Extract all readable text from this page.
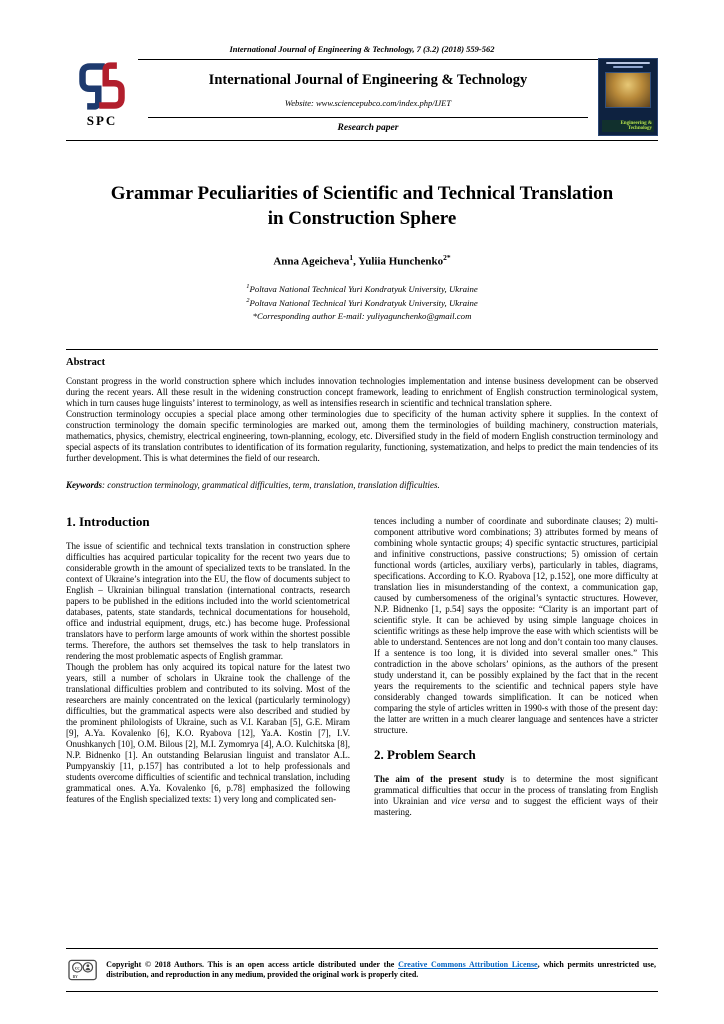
International Journal of Engineering & Technology, 7 (3.2) (2018) 559-562
SPC
International Journal of Engineering & Technology
Website: www.sciencepubco.com/index.php/IJET
Research paper	Engineering & Technology
Grammar Peculiarities of Scientific and Technical Translation
in Construction Sphere
Anna Ageicheva$^1$, Yuliia Hunchenko$^{2*}$
$^1$Poltava National Technical Yuri Kondratyuk University, Ukraine
$^2$Poltava National Technical Yuri Kondratyuk University, Ukraine
*Corresponding author E-mail: yuliyagunchenko@gmail.com
Abstract

Constant progress in the world construction sphere which includes innovation technologies implementation and intense business development can be observed during the recent years. All these result in the widening construction concept framework, leading to enrichment of English construction terminological system, which in turn causes huge linguists’ interest to terminology, as well as intensifies research in scientific and technical translation sphere.

Construction terminology occupies a special place among other terminologies due to specificity of the human activity sphere it supplies. In the context of construction terminology the domain specific terminologies are marked out, among them the terminologies of building machinery, construction materials, mathematics, physics, chemistry, electrical engineering, town-planning, ecology, etc. Diversified study in the field of modern English construction terminology and special aspects of its translation contributes to identification of its formation regularity, functioning, systematization, and helps to predict the main tendencies of its further development. This is what determines the field of our research.

Keywords: construction terminology, grammatical difficulties, term, translation, translation difficulties.
1. Introduction

The issue of scientific and technical texts translation in construction sphere difficulties has acquired particular topicality for the recent two years due to considerable growth in the amount of specialized texts to be translated. In the context of Ukraine’s integration into the EU, the flow of documents subject to English – Ukrainian bilingual translation (international contracts, research papers to be published in the editions included into the world scientometrical databases, patents, state standards, technical documentations for household, office and industrial equipment, drugs, etc.) has become huge. Professional translators have to perform large amounts of work within the shortest possible terms. Therefore, the authors set themselves the task to help translators in rendering the most problematic aspects of English grammar.

Though the problem has only acquired its topical nature for the latest two years, still a number of scholars in Ukraine took the challenge of the translational difficulties problem and contributed to its solving. Most of the researchers are mainly concentrated on the lexical (particularly terminology) difficulties, but the grammatical aspects were also described and studied by the prominent philologists of Ukraine, such as V.I. Karaban [5], G.E. Miram [9], A.Ya. Kovalenko [6], K.O. Ryabova [12], Ya.A. Kostin [7], I.V. Onushkanych [10], O.M. Bilous [2], M.I. Zymomrya [4], A.O. Kulchitska [8], N.P. Bidnenko [1]. An outstanding Belarusian linguist and translator A.L. Pumpyanskiy [11, p.157] has contributed a lot to help professionals and students overcome difficulties of scientific and technical translation, including grammatical ones. A.Ya. Kovalenko [6, p.78] emphasized the following features of the English specialized texts: 1) very long and complicated sen-

tences including a number of coordinate and subordinate clauses; 2) multi-component attributive word combinations; 3) attributes formed by means of combining whole syntactic groups; 4) specific syntactic structures, participial and infinitive constructions, passive constructions; 5) omission of certain functional words (articles, auxiliary verbs), particularly in tables, diagrams, specifications. According to K.O. Ryabova [12, p.152], one more difficulty at translation lies in misunderstanding of the context, a communication gap, caused by cumbersomeness of the original’s syntactic structures. However, N.P. Bidnenko [1, p.54] says the opposite: “Clarity is an important part of scientific style. It can be achieved by using simple language choices in scientific writings as these help improve the ease with which scientists will be able to understand. Sentences are not long and don’t contain too many clauses. If a sentence is too long, it is divided into several smaller ones.” This contradiction in the above scholars’ opinions, as the authors of the present study understand it, can be possibly explained by the fact that in the recent years the requirements to the scientific and technical papers style have considerably changed towards simplification. It can be noticed when comparing the style of articles written in 1990-s with those of the present day: the latter are written in a much clearer language and sentences have a stricter structure.

2. Problem Search

The aim of the present study is to determine the most significant grammatical difficulties that occur in the process of translating from English into Ukrainian and vice versa and to suggest the efficient ways of their mastering.

cc
BY
Copyright © 2018 Authors. This is an open access article distributed under the Creative Commons Attribution License, which permits unrestricted use, distribution, and reproduction in any medium, provided the original work is properly cited.
